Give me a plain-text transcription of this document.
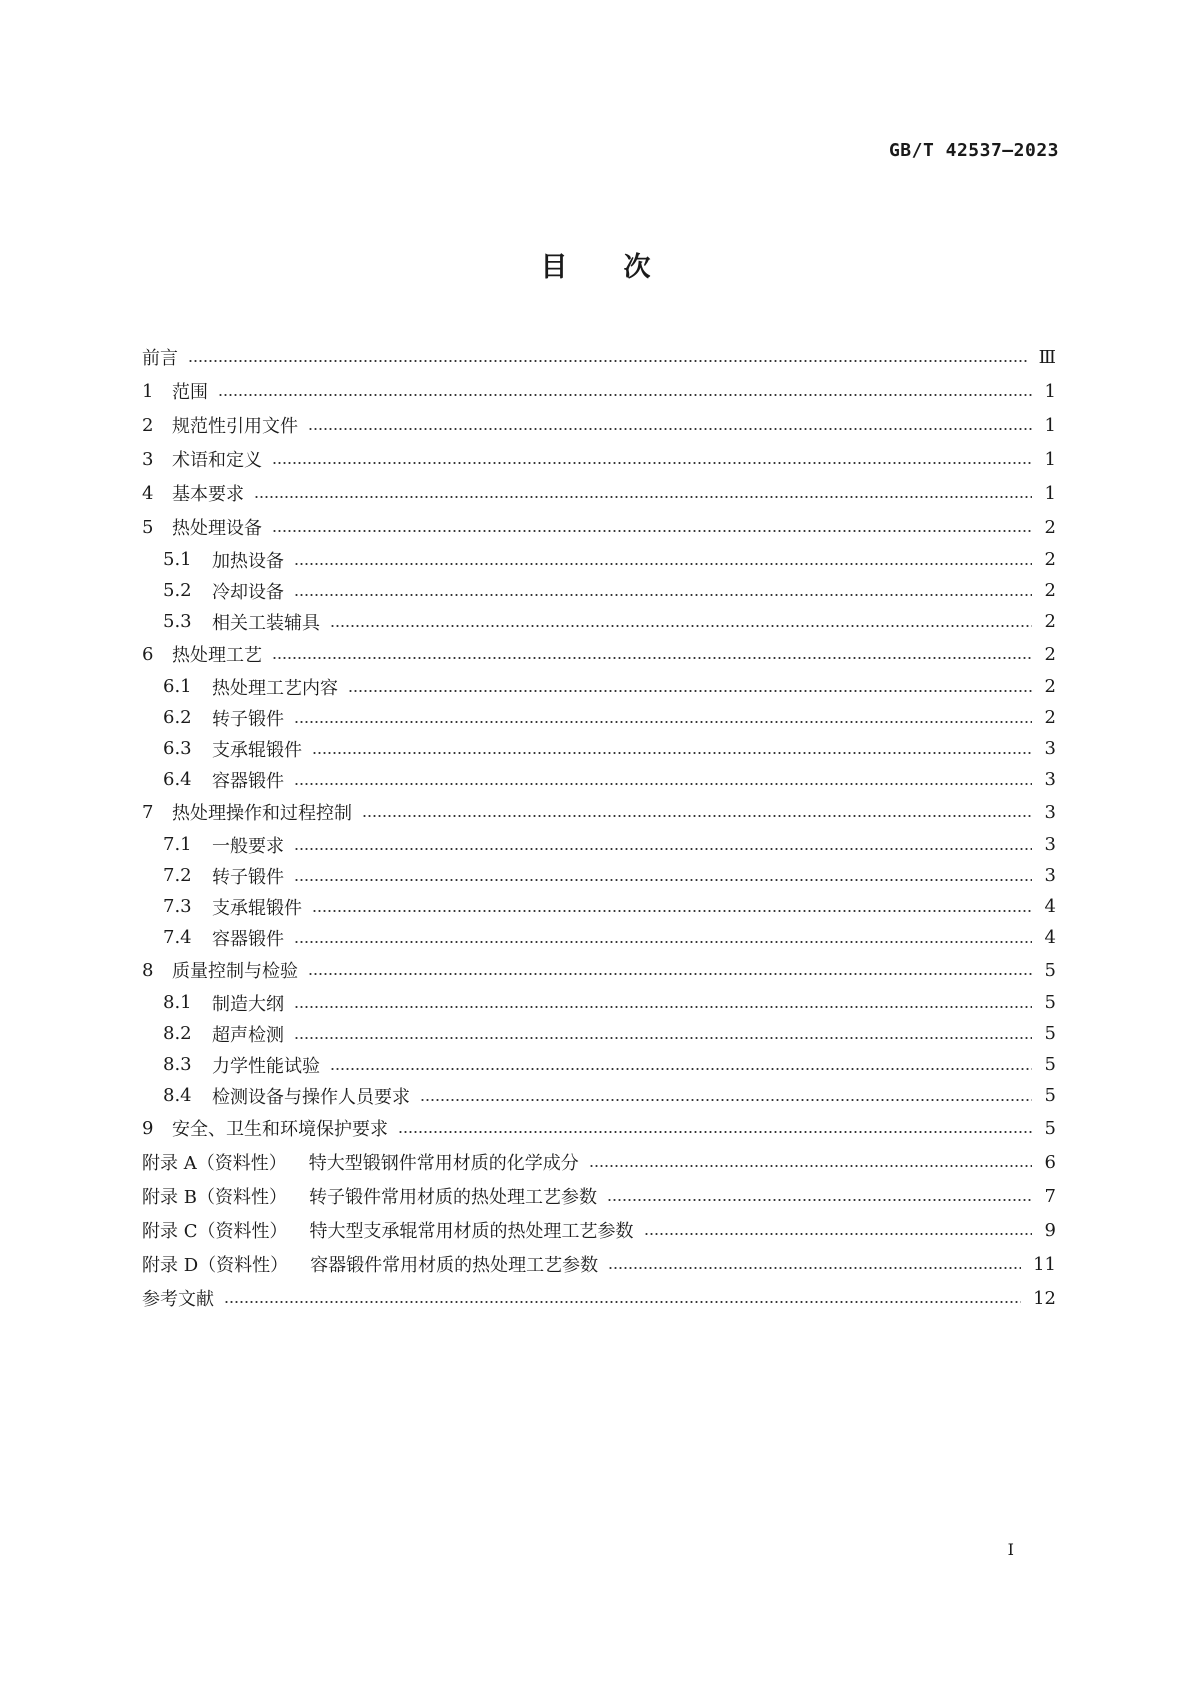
GB/T 42537—2023
目次
前言	Ⅲ
1	范围	1
2	规范性引用文件	1
3	术语和定义	1
4	基本要求	1
5	热处理设备	2
5.1	加热设备	2
5.2	冷却设备	2
5.3	相关工装辅具	2
6	热处理工艺	2
6.1	热处理工艺内容	2
6.2	转子锻件	2
6.3	支承辊锻件	3
6.4	容器锻件	3
7	热处理操作和过程控制	3
7.1	一般要求	3
7.2	转子锻件	3
7.3	支承辊锻件	4
7.4	容器锻件	4
8	质量控制与检验	5
8.1	制造大纲	5
8.2	超声检测	5
8.3	力学性能试验	5
8.4	检测设备与操作人员要求	5
9	安全、卫生和环境保护要求	5
附录 A（资料性）	特大型锻钢件常用材质的化学成分	6
附录 B（资料性）	转子锻件常用材质的热处理工艺参数	7
附录 C（资料性）	特大型支承辊常用材质的热处理工艺参数	9
附录 D（资料性）	容器锻件常用材质的热处理工艺参数	11
参考文献	12
Ⅰ
